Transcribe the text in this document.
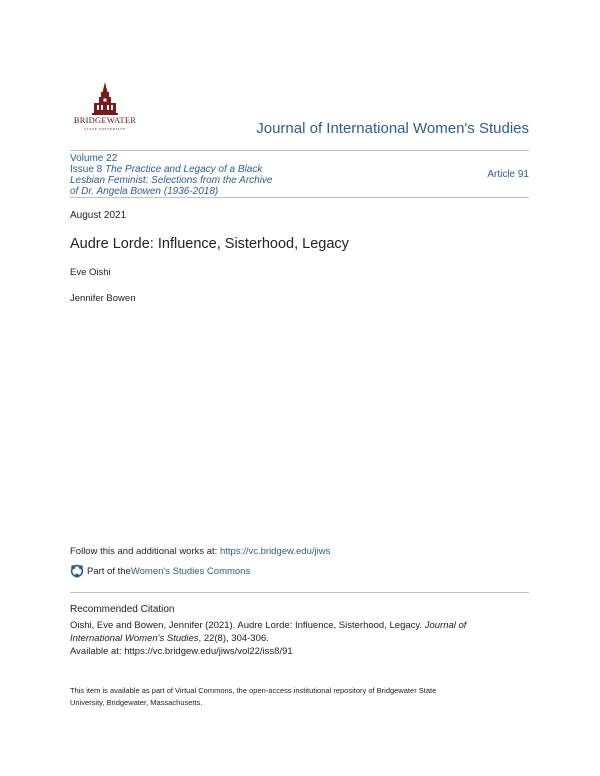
BRIDGEWATER
STATE UNIVERSITY	Journal of International Women's Studies
Volume 22
Issue 8 The Practice and Legacy of a Black
Lesbian Feminist: Selections from the Archive
of Dr. Angela Bowen (1936-2018)
Article 91
August 2021
Audre Lorde: Influence, Sisterhood, Legacy
Eve Oishi
Jennifer Bowen
Follow this and additional works at: https://vc.bridgew.edu/jiws
Part of the Women's Studies Commons
Recommended Citation
Oishi, Eve and Bowen, Jennifer (2021). Audre Lorde: Influence, Sisterhood, Legacy. Journal of
International Women's Studies, 22(8), 304-306.
Available at: https://vc.bridgew.edu/jiws/vol22/iss8/91
This item is available as part of Virtual Commons, the open-access institutional repository of Bridgewater State
University, Bridgewater, Massachusetts.
